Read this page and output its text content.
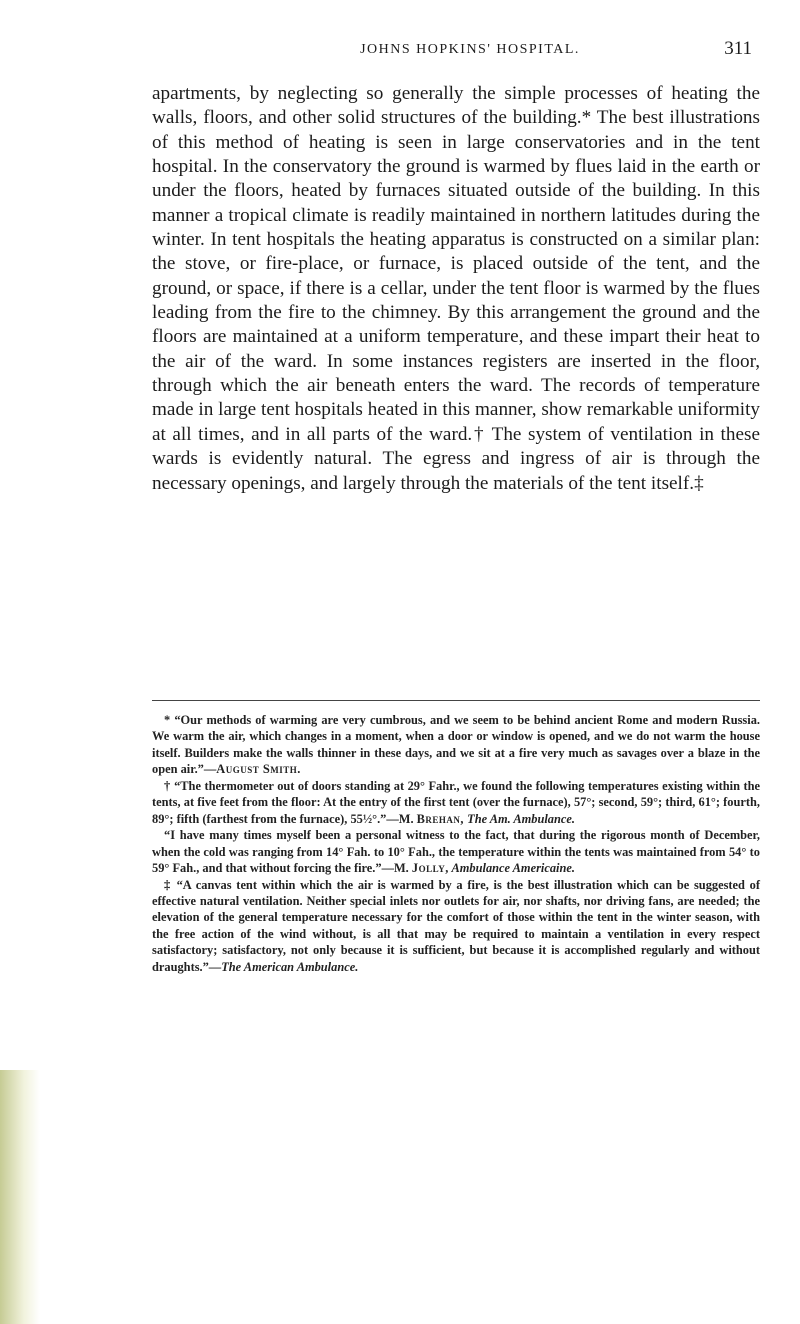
JOHNS HOPKINS' HOSPITAL.	311

apartments, by neglecting so generally the simple processes of heating the walls, floors, and other solid structures of the building.* The best illustrations of this method of heating is seen in large conservatories and in the tent hospital. In the conservatory the ground is warmed by flues laid in the earth or under the floors, heated by furnaces situated outside of the building. In this manner a tropical climate is readily maintained in northern latitudes during the winter. In tent hospitals the heating apparatus is constructed on a similar plan: the stove, or fire-place, or furnace, is placed outside of the tent, and the ground, or space, if there is a cellar, under the tent floor is warmed by the flues leading from the fire to the chimney. By this arrangement the ground and the floors are maintained at a uniform temperature, and these impart their heat to the air of the ward. In some instances registers are inserted in the floor, through which the air beneath enters the ward. The records of temperature made in large tent hospitals heated in this manner, show remarkable uniformity at all times, and in all parts of the ward.† The system of ventilation in these wards is evidently natural. The egress and ingress of air is through the necessary openings, and largely through the materials of the tent itself.‡

* “Our methods of warming are very cumbrous, and we seem to be behind ancient Rome and modern Russia. We warm the air, which changes in a moment, when a door or window is opened, and we do not warm the house itself. Builders make the walls thinner in these days, and we sit at a fire very much as savages over a blaze in the open air.”—August Smith.

† “The thermometer out of doors standing at 29° Fahr., we found the following temperatures existing within the tents, at five feet from the floor: At the entry of the first tent (over the furnace), 57°; second, 59°; third, 61°; fourth, 89°; fifth (farthest from the furnace), 55½°.”—M. Brehan, The Am. Ambulance.

“I have many times myself been a personal witness to the fact, that during the rigorous month of December, when the cold was ranging from 14° Fah. to 10° Fah., the temperature within the tents was maintained from 54° to 59° Fah., and that without forcing the fire.”—M. Jolly, Ambulance Americaine.

‡ “A canvas tent within which the air is warmed by a fire, is the best illustration which can be suggested of effective natural ventilation. Neither special inlets nor outlets for air, nor shafts, nor driving fans, are needed; the elevation of the general temperature necessary for the comfort of those within the tent in the winter season, with the free action of the wind without, is all that may be required to maintain a ventilation in every respect satisfactory; satisfactory, not only because it is sufficient, but because it is accomplished regularly and without draughts.”—The American Ambulance.
